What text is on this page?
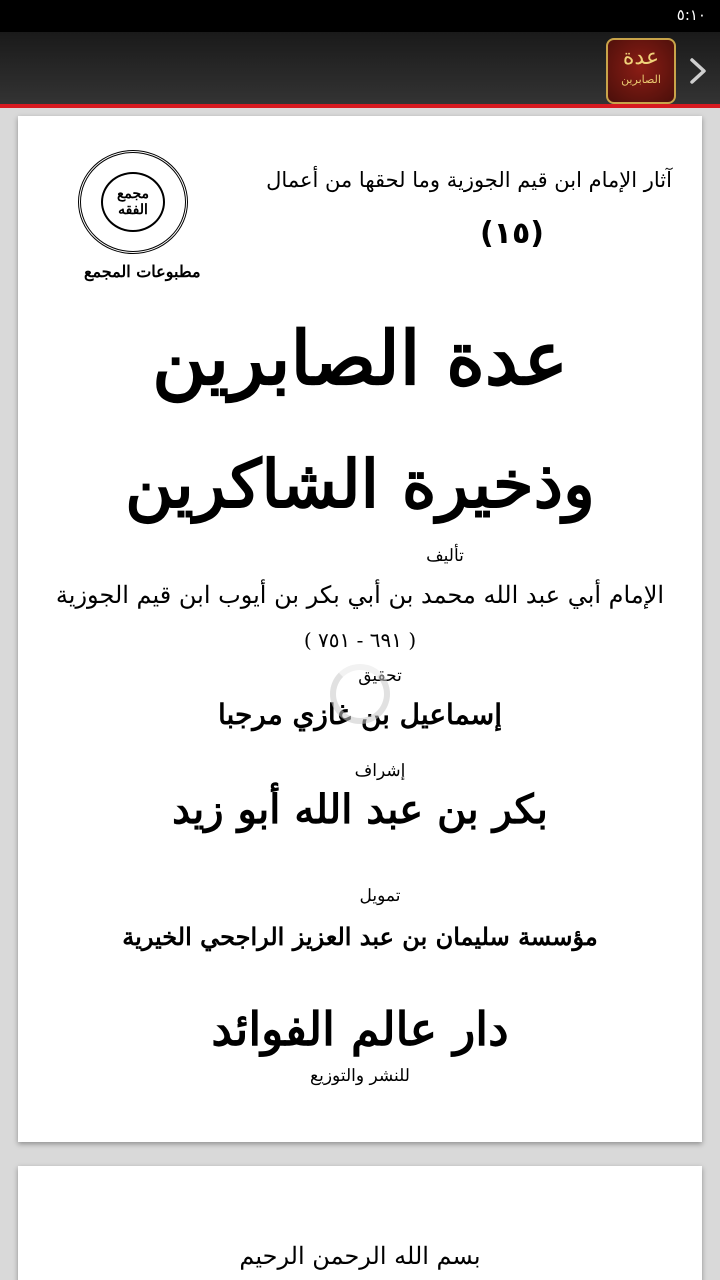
٥:١٠
عدة
الصابرين
مجمع الفقه
مطبوعات المجمع
آثار الإمام ابن قيم الجوزية وما لحقها من أعمال
(١٥)
عدة الصابرين
وذخيرة الشاكرين
تأليف
الإمام أبي عبد الله محمد بن أبي بكر بن أيوب ابن قيم الجوزية
( ٦٩١ - ٧٥١ )
تحقيق
إسماعيل بن غازي مرجبا
إشراف
بكر بن عبد الله أبو زيد
تمويل
مؤسسة سليمان بن عبد العزيز الراجحي الخيرية
دار عالم الفوائد
للنشر والتوزيع
بسم الله الرحمن الرحيم
